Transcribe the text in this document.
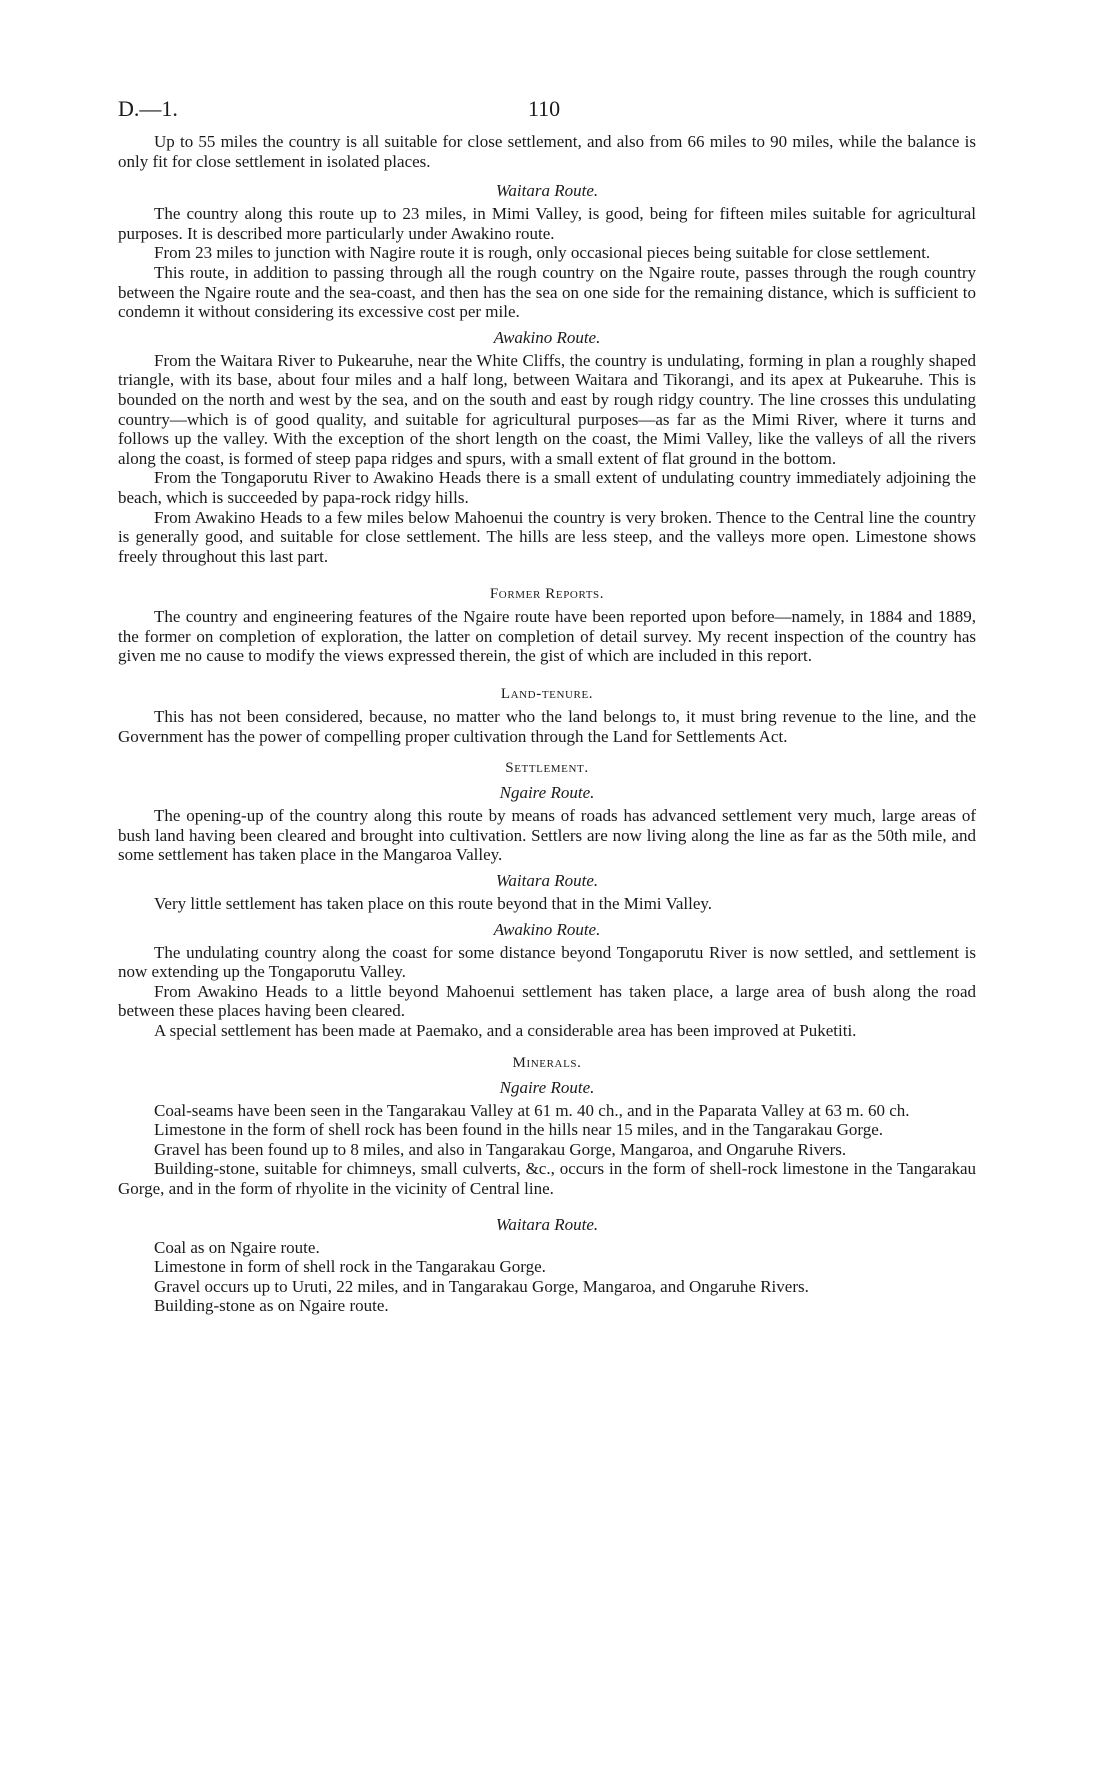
D.—1.	110

Up to 55 miles the country is all suitable for close settlement, and also from 66 miles to 90 miles, while the balance is only fit for close settlement in isolated places.

Waitara Route.

The country along this route up to 23 miles, in Mimi Valley, is good, being for fifteen miles suitable for agricultural purposes. It is described more particularly under Awakino route.

From 23 miles to junction with Nagire route it is rough, only occasional pieces being suitable for close settlement.

This route, in addition to passing through all the rough country on the Ngaire route, passes through the rough country between the Ngaire route and the sea-coast, and then has the sea on one side for the remaining distance, which is sufficient to condemn it without considering its excessive cost per mile.

Awakino Route.

From the Waitara River to Pukearuhe, near the White Cliffs, the country is undulating, forming in plan a roughly shaped triangle, with its base, about four miles and a half long, between Waitara and Tikorangi, and its apex at Pukearuhe. This is bounded on the north and west by the sea, and on the south and east by rough ridgy country. The line crosses this undulating country—which is of good quality, and suitable for agricultural purposes—as far as the Mimi River, where it turns and follows up the valley. With the exception of the short length on the coast, the Mimi Valley, like the valleys of all the rivers along the coast, is formed of steep papa ridges and spurs, with a small extent of flat ground in the bottom.

From the Tongaporutu River to Awakino Heads there is a small extent of undulating country immediately adjoining the beach, which is succeeded by papa-rock ridgy hills.

From Awakino Heads to a few miles below Mahoenui the country is very broken. Thence to the Central line the country is generally good, and suitable for close settlement. The hills are less steep, and the valleys more open. Limestone shows freely throughout this last part.

Former Reports.

The country and engineering features of the Ngaire route have been reported upon before—namely, in 1884 and 1889, the former on completion of exploration, the latter on completion of detail survey. My recent inspection of the country has given me no cause to modify the views expressed therein, the gist of which are included in this report.

Land-tenure.

This has not been considered, because, no matter who the land belongs to, it must bring revenue to the line, and the Government has the power of compelling proper cultivation through the Land for Settlements Act.

Settlement.
Ngaire Route.

The opening-up of the country along this route by means of roads has advanced settlement very much, large areas of bush land having been cleared and brought into cultivation. Settlers are now living along the line as far as the 50th mile, and some settlement has taken place in the Mangaroa Valley.

Waitara Route.

Very little settlement has taken place on this route beyond that in the Mimi Valley.

Awakino Route.

The undulating country along the coast for some distance beyond Tongaporutu River is now settled, and settlement is now extending up the Tongaporutu Valley.

From Awakino Heads to a little beyond Mahoenui settlement has taken place, a large area of bush along the road between these places having been cleared.

A special settlement has been made at Paemako, and a considerable area has been improved at Puketiti.

Minerals.
Ngaire Route.

Coal-seams have been seen in the Tangarakau Valley at 61 m. 40 ch., and in the Paparata Valley at 63 m. 60 ch.

Limestone in the form of shell rock has been found in the hills near 15 miles, and in the Tangarakau Gorge.

Gravel has been found up to 8 miles, and also in Tangarakau Gorge, Mangaroa, and Ongaruhe Rivers.

Building-stone, suitable for chimneys, small culverts, &c., occurs in the form of shell-rock limestone in the Tangarakau Gorge, and in the form of rhyolite in the vicinity of Central line.

Waitara Route.

Coal as on Ngaire route.

Limestone in form of shell rock in the Tangarakau Gorge.

Gravel occurs up to Uruti, 22 miles, and in Tangarakau Gorge, Mangaroa, and Ongaruhe Rivers.

Building-stone as on Ngaire route.
